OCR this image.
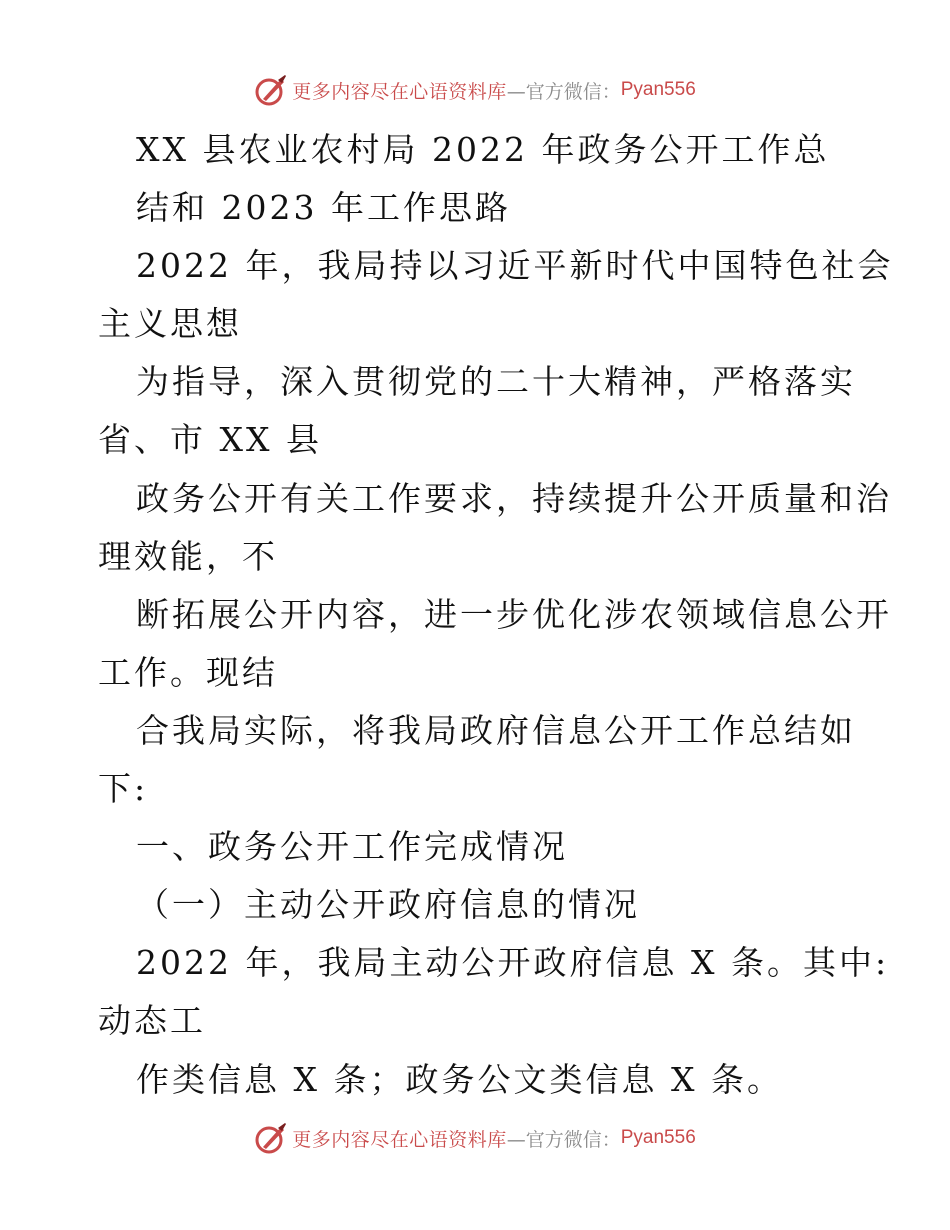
更多内容尽在心语资料库 —官方微信： Pyan556
XX 县农业农村局 2022 年政务公开工作总
结和 2023 年工作思路
2022 年，我局持以习近平新时代中国特色社会
主义思想
为指导，深入贯彻党的二十大精神，严格落实
省、市 XX 县
政务公开有关工作要求，持续提升公开质量和治
理效能，不
断拓展公开内容，进一步优化涉农领域信息公开
工作。现结
合我局实际，将我局政府信息公开工作总结如
下:
一、政务公开工作完成情况
（一）主动公开政府信息的情况
2022 年，我局主动公开政府信息 X 条。其中:
动态工
作类信息 X 条；政务公文类信息 X 条。
更多内容尽在心语资料库 —官方微信： Pyan556
